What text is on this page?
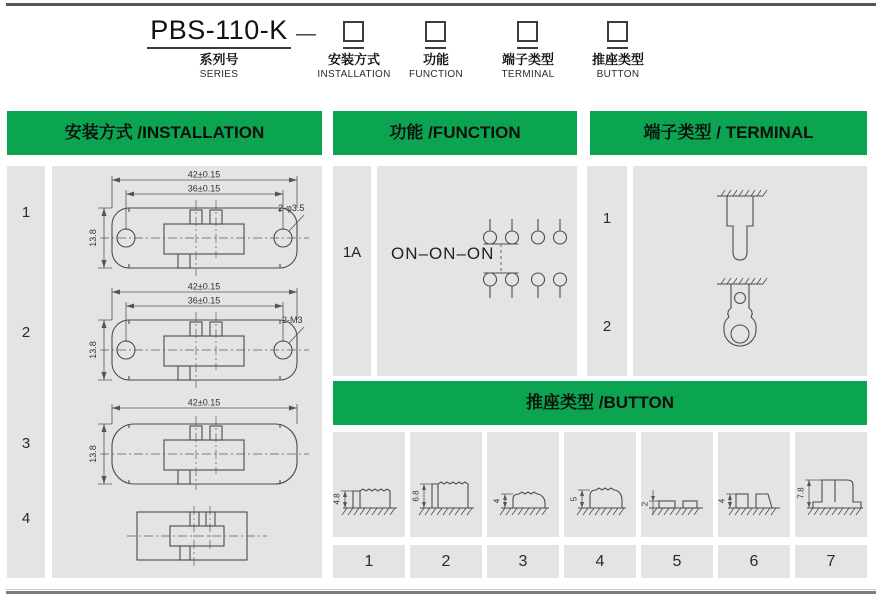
PBS-110-K —
系列号
SERIES
安装方式
INSTALLATION
功能
FUNCTION
端子类型
TERMINAL
推座类型
BUTTON
安装方式 /INSTALLATION	功能 /FUNCTION	端子类型 / TERMINAL
推座类型 /BUTTON
1
2
3
4
42±0.15
36±0.15
13.8
2-φ3.5
42±0.15
36±0.15
13.8
2-M3
42±0.15
13.8
1A	ON–ON–ON
1
2
4.8	6.8	4	5
2
4
7.8
1	2	3	4	5	6	7
